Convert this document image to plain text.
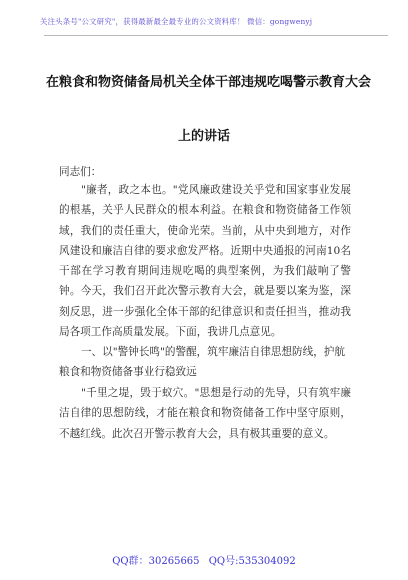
关注头条号"公文研究"，获得最新最全最专业的公文资料库！ 微信：gongwenyj
在粮食和物资储备局机关全体干部违规吃喝警示教育大会
上的讲话
同志们：
"廉者，政之本也。"党风廉政建设关乎党和国家事业发展的根基，关乎人民群众的根本利益。在粮食和物资储备工作领域，我们的责任重大，使命光荣。当前，从中央到地方，对作风建设和廉洁自律的要求愈发严格。近期中央通报的河南10名干部在学习教育期间违规吃喝的典型案例，为我们敲响了警钟。今天，我们召开此次警示教育大会，就是要以案为鉴，深刻反思，进一步强化全体干部的纪律意识和责任担当，推动我局各项工作高质量发展。下面，我讲几点意见。
一、以"警钟长鸣"的警醒，筑牢廉洁自律思想防线，护航粮食和物资储备事业行稳致远
"千里之堤，毁于蚁穴。"思想是行动的先导，只有筑牢廉洁自律的思想防线，才能在粮食和物资储备工作中坚守原则，不越红线。此次召开警示教育大会，具有极其重要的意义。
QQ群：30265665 QQ号:535304092
